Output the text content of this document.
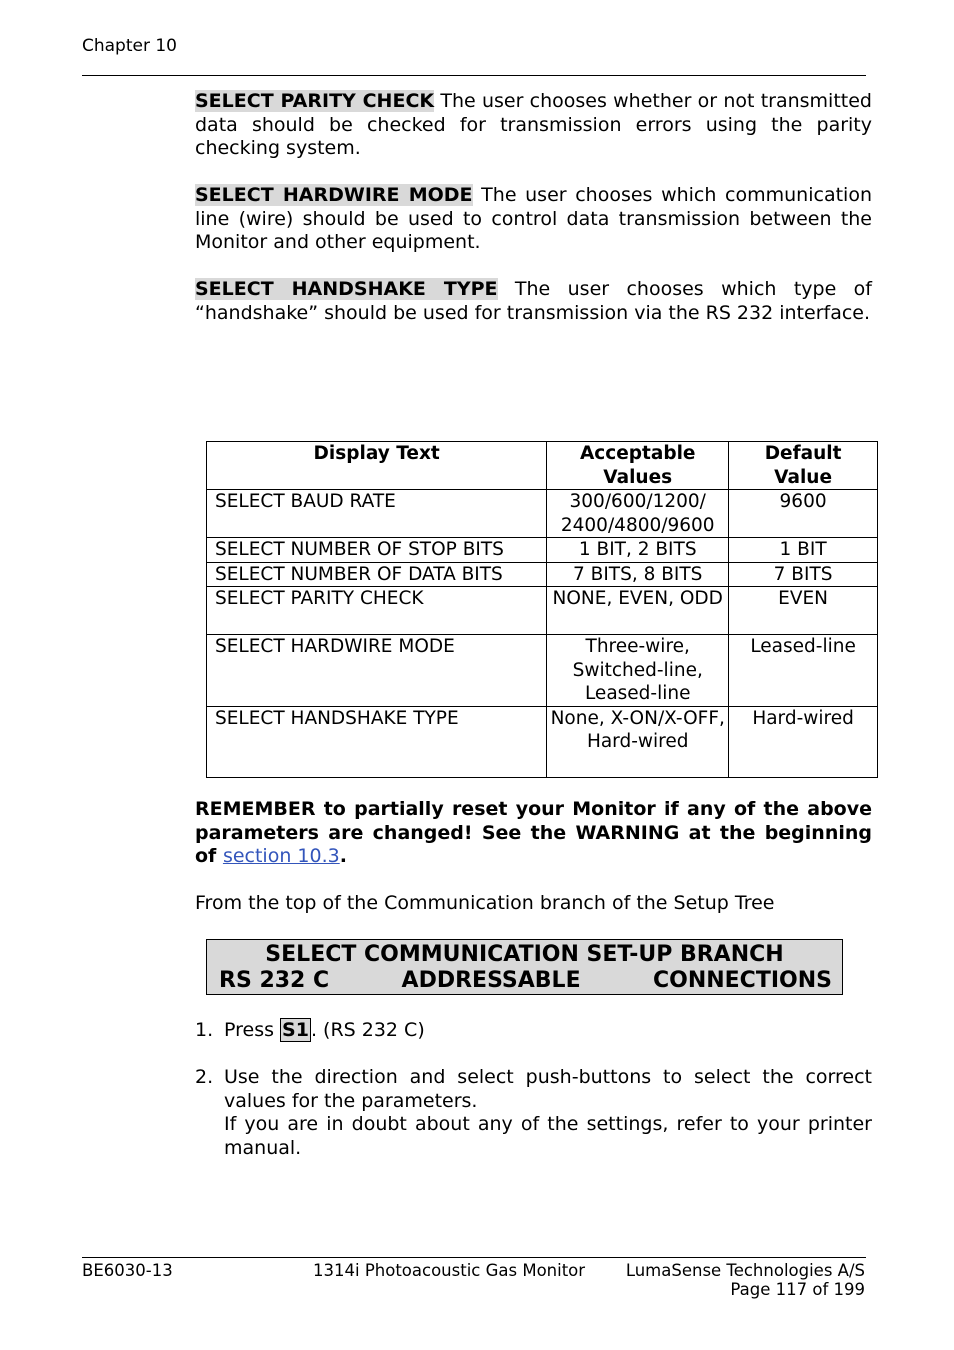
Chapter 10
SELECT PARITY CHECK The user chooses whether or not transmitted data should be checked for transmission errors using the parity checking system.
SELECT HARDWIRE MODE The user chooses which communication line (wire) should be used to control data transmission between the Monitor and other equipment.
SELECT HANDSHAKE TYPE The user chooses which type of “handshake” should be used for transmission via the RS 232 interface.
Display Text	Acceptable Values	Default Value
SELECT BAUD RATE	300/600/1200/ 2400/4800/9600	9600
SELECT NUMBER OF STOP BITS	1 BIT, 2 BITS	1 BIT
SELECT NUMBER OF DATA BITS	7 BITS, 8 BITS	7 BITS
SELECT PARITY CHECK	NONE, EVEN, ODD	EVEN
SELECT HARDWIRE MODE	Three-wire, Switched-line, Leased-line	Leased-line
SELECT HANDSHAKE TYPE	None, X-ON/X-OFF, Hard-wired	Hard-wired
REMEMBER to partially reset your Monitor if any of the above parameters are changed! See the WARNING at the beginning of section 10.3.
From the top of the Communication branch of the Setup Tree
SELECT COMMUNICATION SET-UP BRANCH
RS 232 C	ADDRESSABLE	CONNECTIONS
1. Press S1 . (RS 232 C)
2. Use the direction and select push-buttons to select the correct values for the parameters.
If you are in doubt about any of the settings, refer to your printer manual.
BE6030-13	1314i Photoacoustic Gas Monitor LumaSense Technologies A/S
Page 117 of 199
